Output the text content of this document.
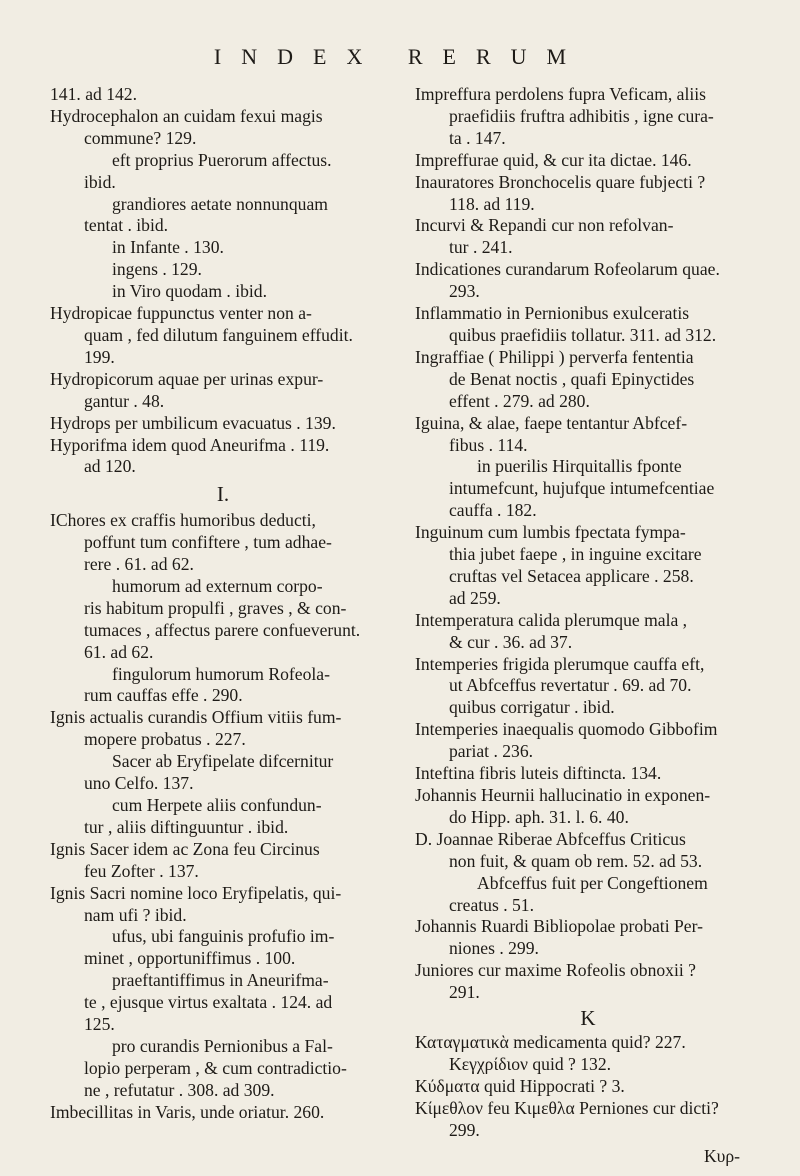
INDEX RERUM

141. ad 142.

Hydrocephalon an cuidam fexui magis

commune? 129.

eft proprius Puerorum affectus.

ibid.

grandiores aetate nonnunquam

tentat . ibid.

in Infante . 130.

ingens . 129.

in Viro quodam . ibid.

Hydropicae fuppunctus venter non a-

quam , fed dilutum fanguinem effudit.

199.

Hydropicorum aquae per urinas expur-

gantur . 48.

Hydrops per umbilicum evacuatus . 139.

Hyporifma idem quod Aneurifma . 119.

ad 120.

I.

IChores ex craffis humoribus deducti,

poffunt tum confiftere , tum adhae-

rere . 61. ad 62.

humorum ad externum corpo-

ris habitum propulfi , graves , & con-

tumaces , affectus parere confueverunt.

61. ad 62.

fingulorum humorum Rofeola-

rum cauffas effe . 290.

Ignis actualis curandis Offium vitiis fum-

mopere probatus . 227.

Sacer ab Eryfipelate difcernitur

uno Celfo. 137.

cum Herpete aliis confundun-

tur , aliis diftinguuntur . ibid.

Ignis Sacer idem ac Zona feu Circinus

feu Zofter . 137.

Ignis Sacri nomine loco Eryfipelatis, qui-

nam ufi ? ibid.

ufus, ubi fanguinis profufio im-

minet , opportuniffimus . 100.

praeftantiffimus in Aneurifma-

te , ejusque virtus exaltata . 124. ad

125.

pro curandis Pernionibus a Fal-

lopio perperam , & cum contradictio-

ne , refutatur . 308. ad 309.

Imbecillitas in Varis, unde oriatur. 260.

Impreffura perdolens fupra Veficam, aliis

praefidiis fruftra adhibitis , igne cura-

ta . 147.

Impreffurae quid, & cur ita dictae. 146.

Inauratores Bronchocelis quare fubjecti ?

118. ad 119.

Incurvi & Repandi cur non refolvan-

tur . 241.

Indicationes curandarum Rofeolarum quae.

293.

Inflammatio in Pernionibus exulceratis

quibus praefidiis tollatur. 311. ad 312.

Ingraffiae ( Philippi ) perverfa fententia

de Benat noctis , quafi Epinyctides

effent . 279. ad 280.

Iguina, & alae, faepe tentantur Abfcef-

fibus . 114.

in puerilis Hirquitallis fponte

intumefcunt, hujufque intumefcentiae

cauffa . 182.

Inguinum cum lumbis fpectata fympa-

thia jubet faepe , in inguine excitare

cruftas vel Setacea applicare . 258.

ad 259.

Intemperatura calida plerumque mala ,

& cur . 36. ad 37.

Intemperies frigida plerumque cauffa eft,

ut Abfceffus revertatur . 69. ad 70.

quibus corrigatur . ibid.

Intemperies inaequalis quomodo Gibbofim

pariat . 236.

Inteftina fibris luteis diftincta. 134.

Johannis Heurnii hallucinatio in exponen-

do Hipp. aph. 31. l. 6. 40.

D. Joannae Riberae Abfceffus Criticus

non fuit, & quam ob rem. 52. ad 53.

Abfceffus fuit per Congeftionem

creatus . 51.

Johannis Ruardi Bibliopolae probati Per-

niones . 299.

Juniores cur maxime Rofeolis obnoxii ?

291.

K

Καταγματικὰ medicamenta quid? 227.

Κεγχρίδιον quid ? 132.

Κύδματα quid Hippocrati ? 3.

Κίμεθλον feu Κιμεθλα Perniones cur dicti?

299.

Kυρ-
